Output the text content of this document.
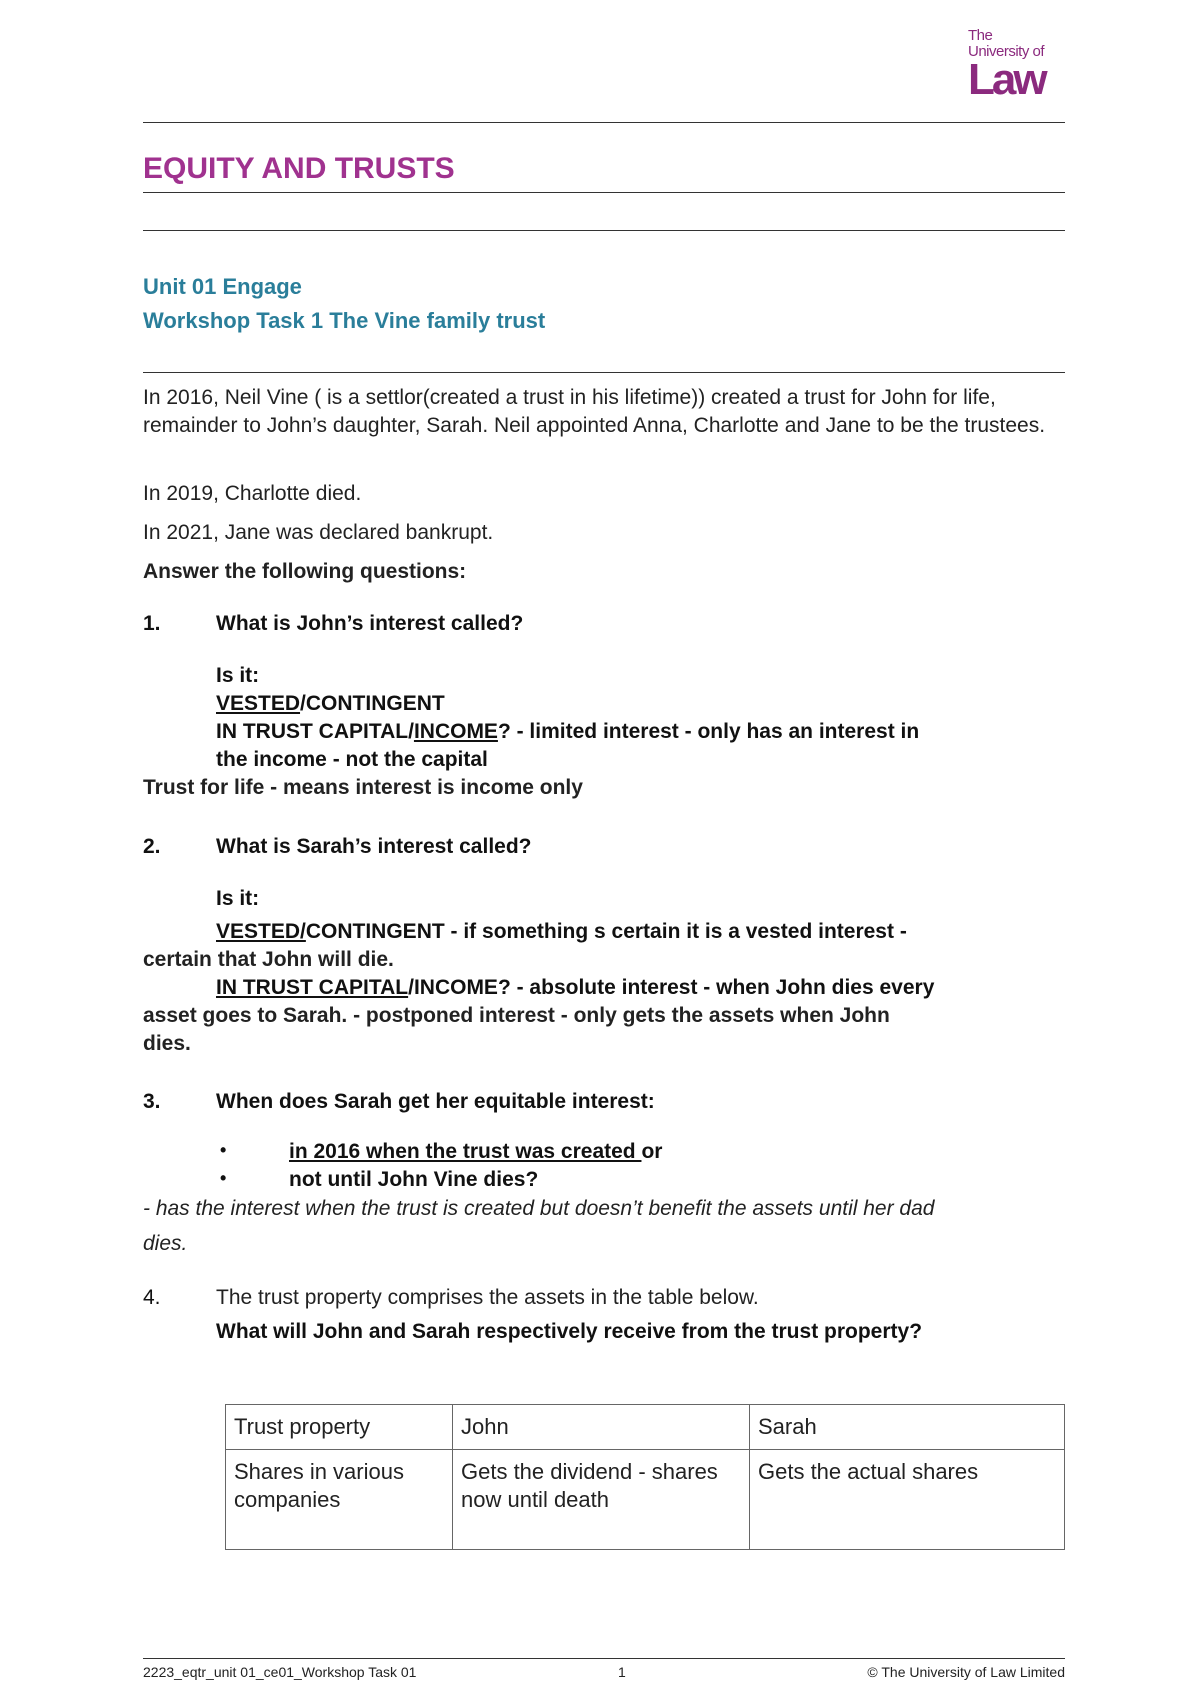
The
University of
Law
EQUITY AND TRUSTS
Unit 01 Engage
Workshop Task 1 The Vine family trust
In 2016, Neil Vine ( is a settlor(created a trust in his lifetime)) created a trust for John for life, remainder to John’s daughter, Sarah. Neil appointed Anna, Charlotte and Jane to be the trustees.
In 2019, Charlotte died.
In 2021, Jane was declared bankrupt.
Answer the following questions:
1.	What is John’s interest called?
Is it:
VESTED/CONTINGENT
IN TRUST CAPITAL/INCOME? - limited interest - only has an interest in
the income - not the capital
Trust for life - means interest is income only
2.	What is Sarah’s interest called?
Is it:
VESTED/CONTINGENT - if something s certain it is a vested interest -
certain that John will die.
IN TRUST CAPITAL/INCOME? - absolute interest - when John dies every
asset goes to Sarah. - postponed interest - only gets the assets when John
dies.
3.	When does Sarah get her equitable interest:
•	in 2016 when the trust was created or
•	not until John Vine dies?
- has the interest when the trust is created but doesn’t benefit the assets until her dad
dies.
4.	The trust property comprises the assets in the table below.
What will John and Sarah respectively receive from the trust property?
Trust property	John	Sarah
Shares in various companies	Gets the dividend - shares now until death	Gets the actual shares
2223_eqtr_unit 01_ce01_Workshop Task 01	1	© The University of Law Limited
